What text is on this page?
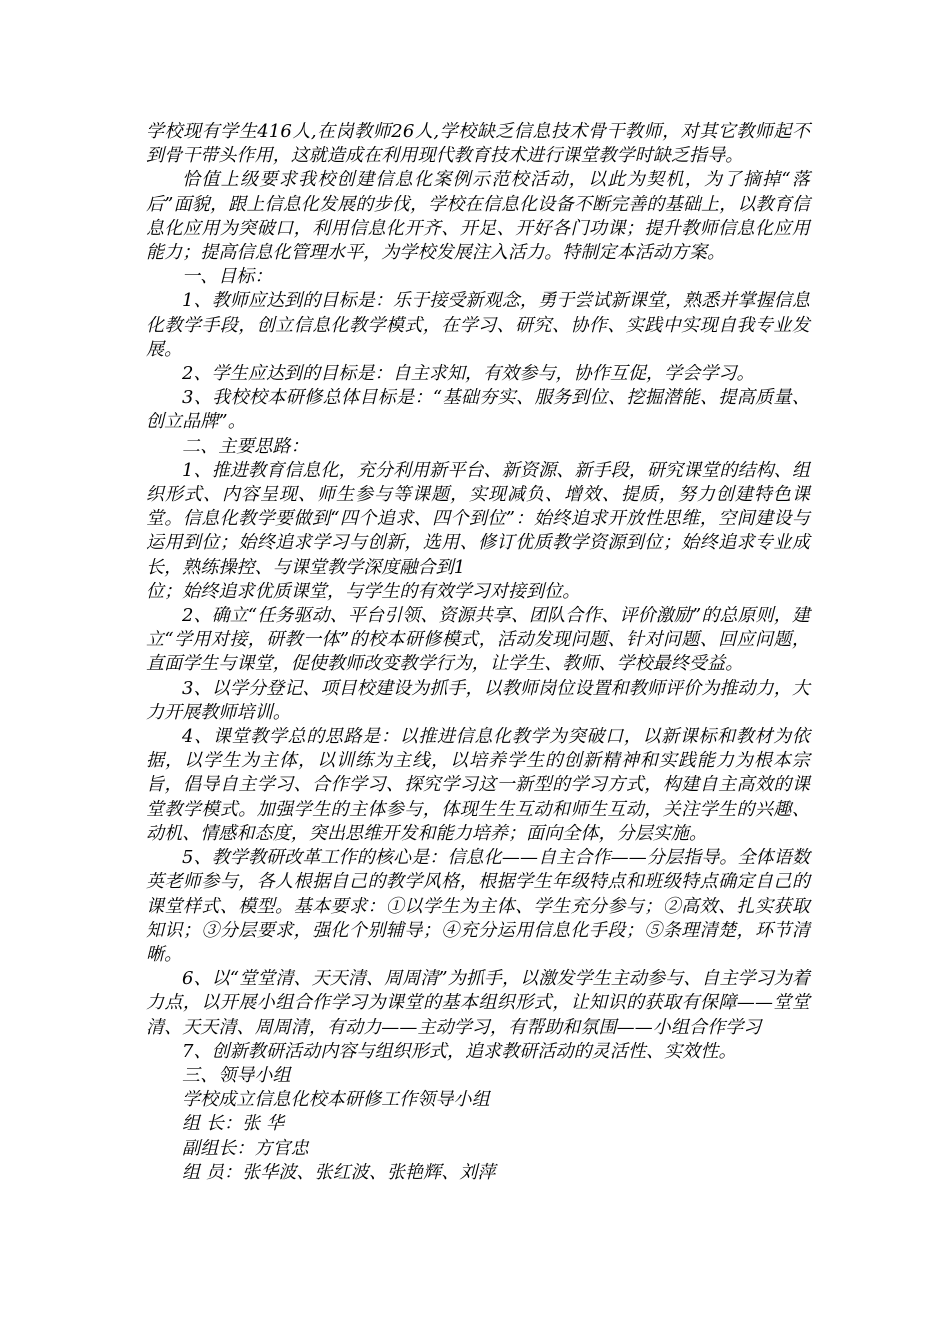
学校现有学生416人,在岗教师26人,学校缺乏信息技术骨干教师，对其它教师起不到骨干带头作用，这就造成在利用现代教育技术进行课堂教学时缺乏指导。

恰值上级要求我校创建信息化案例示范校活动，以此为契机，为了摘掉“落后”面貌，跟上信息化发展的步伐，学校在信息化设备不断完善的基础上，以教育信息化应用为突破口，利用信息化开齐、开足、开好各门功课；提升教师信息化应用能力；提高信息化管理水平，为学校发展注入活力。特制定本活动方案。

一、目标：

1、教师应达到的目标是：乐于接受新观念，勇于尝试新课堂，熟悉并掌握信息化教学手段，创立信息化教学模式，在学习、研究、协作、实践中实现自我专业发展。

2、学生应达到的目标是：自主求知，有效参与，协作互促，学会学习。

3、我校校本研修总体目标是：“基础夯实、服务到位、挖掘潜能、提高质量、创立品牌”。

二、主要思路：

1、推进教育信息化，充分利用新平台、新资源、新手段，研究课堂的结构、组织形式、内容呈现、师生参与等课题，实现减负、增效、提质，努力创建特色课堂。信息化教学要做到“四个追求、四个到位”：始终追求开放性思维，空间建设与运用到位；始终追求学习与创新，选用、修订优质教学资源到位；始终追求专业成长，熟练操控、与课堂教学深度融合到1

位；始终追求优质课堂，与学生的有效学习对接到位。

2、确立“任务驱动、平台引领、资源共享、团队合作、评价激励”的总原则，建立“学用对接，研教一体”的校本研修模式，活动发现问题、针对问题、回应问题，直面学生与课堂，促使教师改变教学行为，让学生、教师、学校最终受益。

3、以学分登记、项目校建设为抓手，以教师岗位设置和教师评价为推动力，大力开展教师培训。

4、课堂教学总的思路是：以推进信息化教学为突破口，以新课标和教材为依据，以学生为主体，以训练为主线，以培养学生的创新精神和实践能力为根本宗旨，倡导自主学习、合作学习、探究学习这一新型的学习方式，构建自主高效的课堂教学模式。加强学生的主体参与，体现生生互动和师生互动，关注学生的兴趣、动机、情感和态度，突出思维开发和能力培养；面向全体，分层实施。

5、教学教研改革工作的核心是：信息化——自主合作——分层指导。全体语数英老师参与，各人根据自己的教学风格，根据学生年级特点和班级特点确定自己的课堂样式、模型。基本要求：①以学生为主体、学生充分参与；②高效、扎实获取知识；③分层要求，强化个别辅导；④充分运用信息化手段；⑤条理清楚，环节清晰。

6、以“堂堂清、天天清、周周清”为抓手，以激发学生主动参与、自主学习为着力点，以开展小组合作学习为课堂的基本组织形式，让知识的获取有保障——堂堂清、天天清、周周清，有动力——主动学习，有帮助和氛围——小组合作学习

7、创新教研活动内容与组织形式，追求教研活动的灵活性、实效性。

三、领导小组

学校成立信息化校本研修工作领导小组

组 长：张 华

副组长：方官忠

组 员：张华波、张红波、张艳辉、刘萍
